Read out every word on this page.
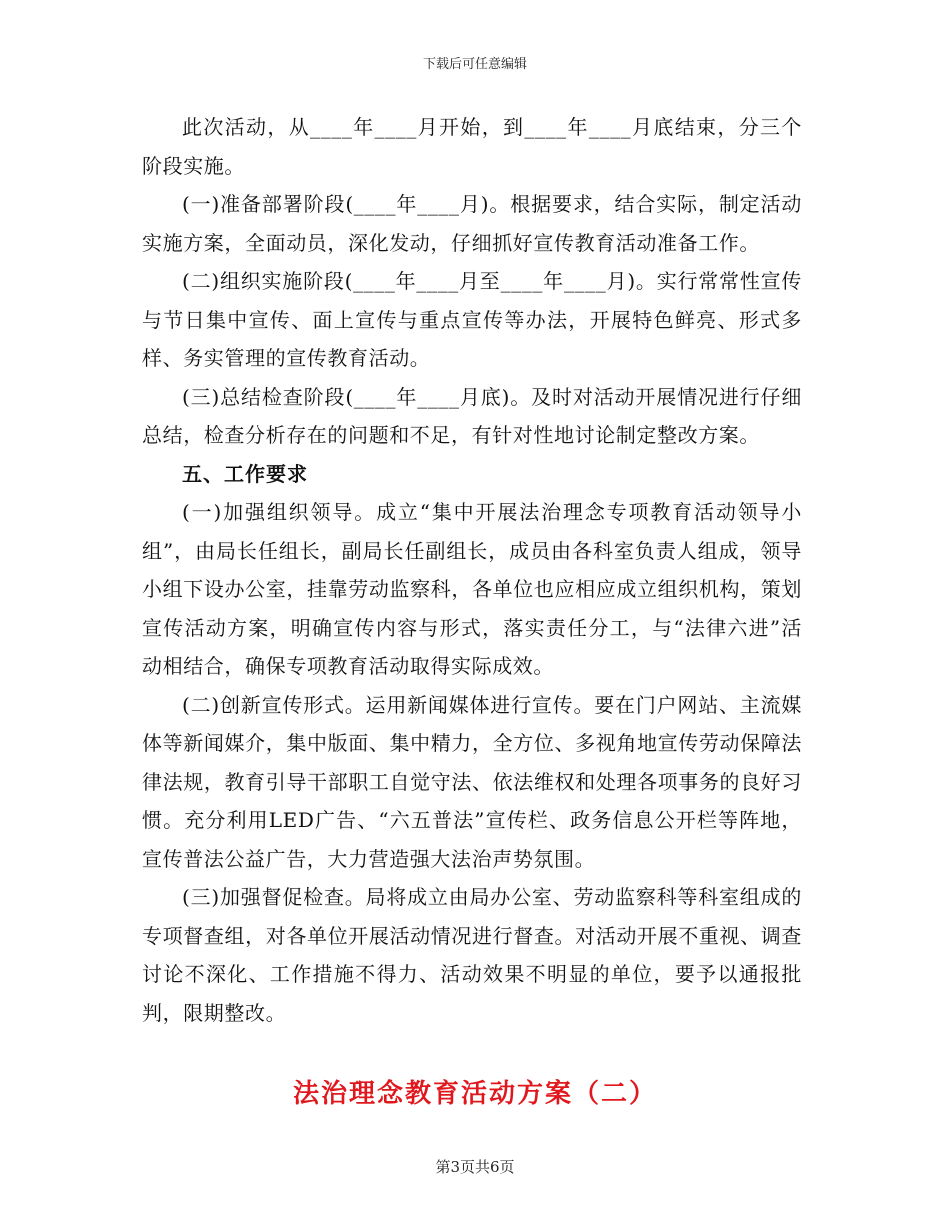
下载后可任意编辑

此次活动，从____年____月开始，到____年____月底结束，分三个阶段实施。

(一)准备部署阶段(____年____月)。根据要求，结合实际，制定活动实施方案，全面动员，深化发动，仔细抓好宣传教育活动准备工作。

(二)组织实施阶段(____年____月至____年____月)。实行常常性宣传与节日集中宣传、面上宣传与重点宣传等办法，开展特色鲜亮、形式多样、务实管理的宣传教育活动。

(三)总结检查阶段(____年____月底)。及时对活动开展情况进行仔细总结，检查分析存在的问题和不足，有针对性地讨论制定整改方案。

五、工作要求

(一)加强组织领导。成立“集中开展法治理念专项教育活动领导小组”，由局长任组长，副局长任副组长，成员由各科室负责人组成，领导小组下设办公室，挂靠劳动监察科，各单位也应相应成立组织机构，策划宣传活动方案，明确宣传内容与形式，落实责任分工，与“法律六进”活动相结合，确保专项教育活动取得实际成效。

(二)创新宣传形式。运用新闻媒体进行宣传。要在门户网站、主流媒体等新闻媒介，集中版面、集中精力，全方位、多视角地宣传劳动保障法律法规，教育引导干部职工自觉守法、依法维权和处理各项事务的良好习惯。充分利用LED广告、“六五普法”宣传栏、政务信息公开栏等阵地，宣传普法公益广告，大力营造强大法治声势氛围。

(三)加强督促检查。局将成立由局办公室、劳动监察科等科室组成的专项督查组，对各单位开展活动情况进行督查。对活动开展不重视、调查讨论不深化、工作措施不得力、活动效果不明显的单位，要予以通报批判，限期整改。

法治理念教育活动方案（二）
第3页共6页
